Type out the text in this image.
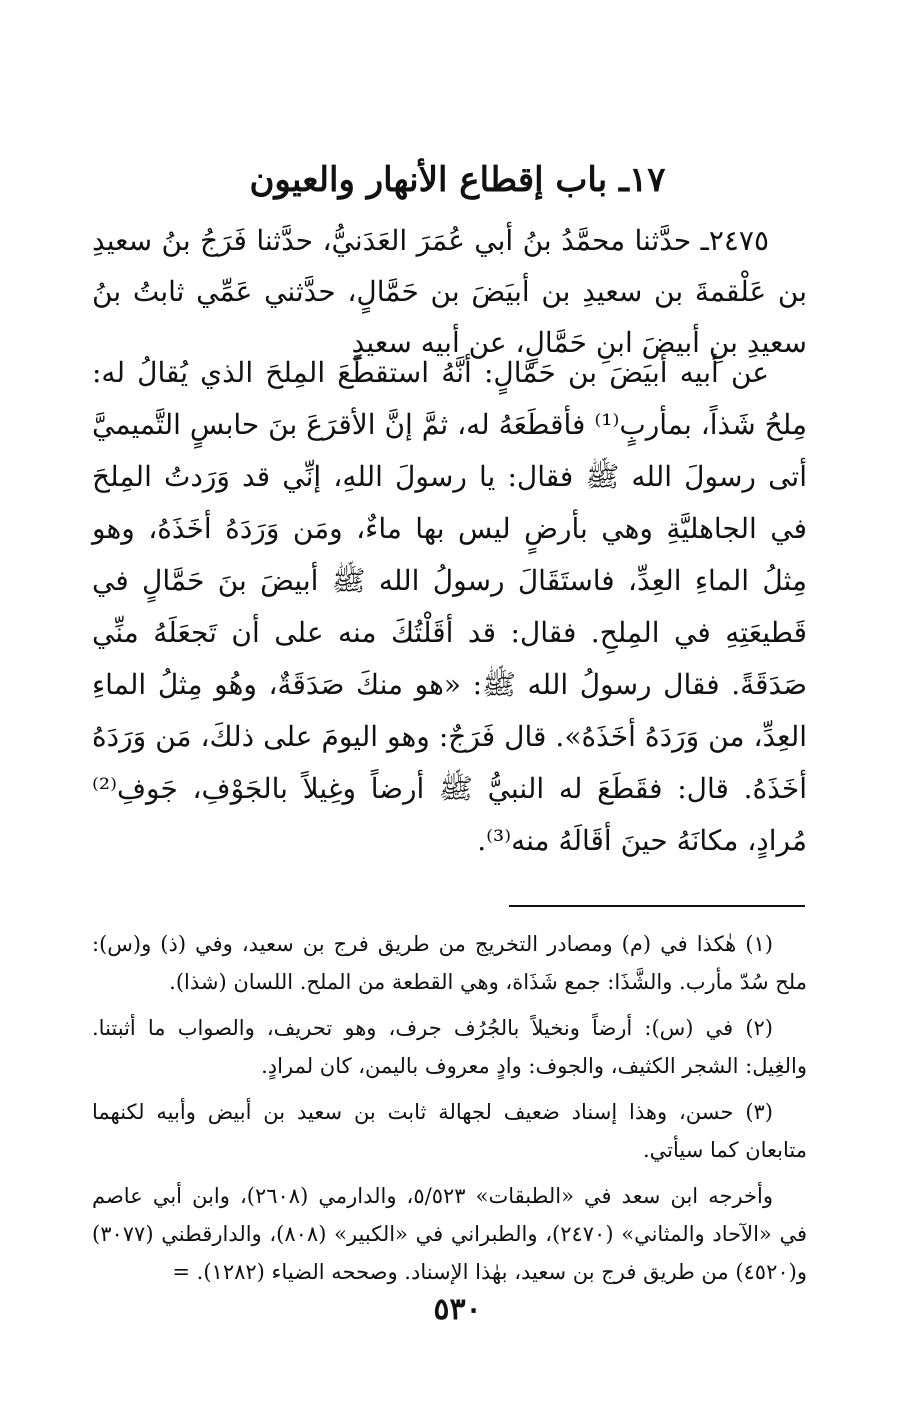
١٧ـ باب إقطاع الأنهار والعيون

٢٤٧٥ـ حدَّثنا محمَّدُ بنُ أبي عُمَرَ العَدَنيُّ، حدَّثنا فَرَجُ بنُ سعيدِ بن عَلْقمةَ بن سعيدِ بن أبيَضَ بن حَمَّالٍ، حدَّثني عَمِّي ثابتُ بنُ سعيدِ بنِ أبيضَ ابنِ حَمَّالٍ، عن أبيه سعيدٍ

عن أبيه أبيَضَ بن حَمَّالٍ: أنَّهُ استقطَعَ المِلحَ الذي يُقالُ له: مِلحُ شَذاً، بمأربٍ⁽¹⁾ فأقطَعَهُ له، ثمَّ إنَّ الأقرَعَ بنَ حابسٍ التَّميميَّ أتى رسولَ الله ﷺ فقال: يا رسولَ اللهِ، إنِّي قد وَرَدتُ المِلحَ في الجاهليَّةِ وهي بأرضٍ ليس بها ماءٌ، ومَن وَرَدَهُ أخَذَهُ، وهو مِثلُ الماءِ العِدِّ، فاستَقَالَ رسولُ الله ﷺ أبيضَ بنَ حَمَّالٍ في قَطيعَتِهِ في المِلحِ. فقال: قد أقَلْتُكَ منه على أن تَجعَلَهُ منِّي صَدَقَةً. فقال رسولُ الله ﷺ: «هو منكَ صَدَقَةٌ، وهُو مِثلُ الماءِ العِدِّ، من وَرَدَهُ أخَذَهُ». قال فَرَجٌ: وهو اليومَ على ذلكَ، مَن وَرَدَهُ أخَذَهُ. قال: فقَطَعَ له النبيُّ ﷺ أرضاً وغِيلاً بالجَوْفِ، جَوفِ⁽²⁾ مُرادٍ، مكانَهُ حينَ أقَالَهُ منه⁽³⁾.

(١) هٰكذا في (م) ومصادر التخريج من طريق فرج بن سعيد، وفي (ذ) و(س): ملح سُدّ مأرب. والشَّذَا: جمع شَذَاة، وهي القطعة من الملح. اللسان (شذا).

(٢) في (س): أرضاً ونخيلاً بالجُرُف جرف، وهو تحريف، والصواب ما أثبتنا. والغِيل: الشجر الكثيف، والجوف: وادٍ معروف باليمن، كان لمرادٍ.

(٣) حسن، وهذا إسناد ضعيف لجهالة ثابت بن سعيد بن أبيض وأبيه لكنهما متابعان كما سيأتي.

وأخرجه ابن سعد في «الطبقات» ٥/٥٢٣، والدارمي (٢٦٠٨)، وابن أبي عاصم في «الآحاد والمثاني» (٢٤٧٠)، والطبراني في «الكبير» (٨٠٨)، والدارقطني (٣٠٧٧) و(٤٥٢٠) من طريق فرج بن سعيد، بهٰذا الإسناد. وصححه الضياء (١٢٨٢). =

٥٣٠
